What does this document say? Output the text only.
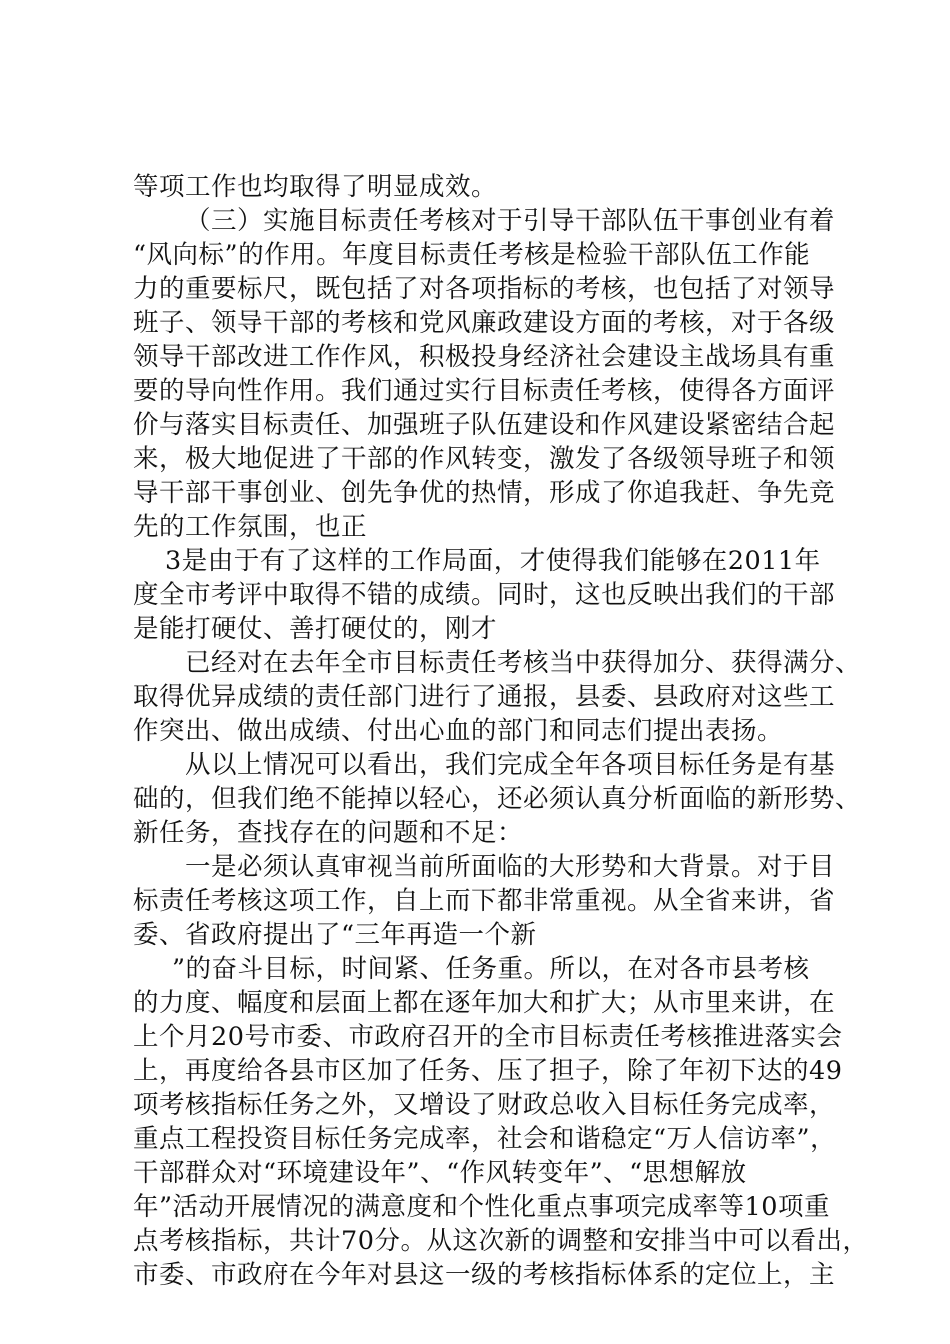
等项工作也均取得了明显成效。
（三）实施目标责任考核对于引导干部队伍干事创业有着
“风向标”的作用。年度目标责任考核是检验干部队伍工作能
力的重要标尺，既包括了对各项指标的考核，也包括了对领导
班子、领导干部的考核和党风廉政建设方面的考核，对于各级
领导干部改进工作作风，积极投身经济社会建设主战场具有重
要的导向性作用。我们通过实行目标责任考核，使得各方面评
价与落实目标责任、加强班子队伍建设和作风建设紧密结合起
来，极大地促进了干部的作风转变，激发了各级领导班子和领
导干部干事创业、创先争优的热情，形成了你追我赶、争先竞
先的工作氛围，也正
3是由于有了这样的工作局面，才使得我们能够在2011年
度全市考评中取得不错的成绩。同时，这也反映出我们的干部
是能打硬仗、善打硬仗的，刚才
已经对在去年全市目标责任考核当中获得加分、获得满分、
取得优异成绩的责任部门进行了通报，县委、县政府对这些工
作突出、做出成绩、付出心血的部门和同志们提出表扬。
从以上情况可以看出，我们完成全年各项目标任务是有基
础的，但我们绝不能掉以轻心，还必须认真分析面临的新形势、
新任务，查找存在的问题和不足：
一是必须认真审视当前所面临的大形势和大背景。对于目
标责任考核这项工作，自上而下都非常重视。从全省来讲，省
委、省政府提出了“三年再造一个新
”的奋斗目标，时间紧、任务重。所以，在对各市县考核
的力度、幅度和层面上都在逐年加大和扩大；从市里来讲，在
上个月20号市委、市政府召开的全市目标责任考核推进落实会
上，再度给各县市区加了任务、压了担子，除了年初下达的49
项考核指标任务之外，又增设了财政总收入目标任务完成率，
重点工程投资目标任务完成率，社会和谐稳定“万人信访率”，
干部群众对“环境建设年”、“作风转变年”、“思想解放
年”活动开展情况的满意度和个性化重点事项完成率等10项重
点考核指标，共计70分。从这次新的调整和安排当中可以看出，
市委、市政府在今年对县这一级的考核指标体系的定位上，主
